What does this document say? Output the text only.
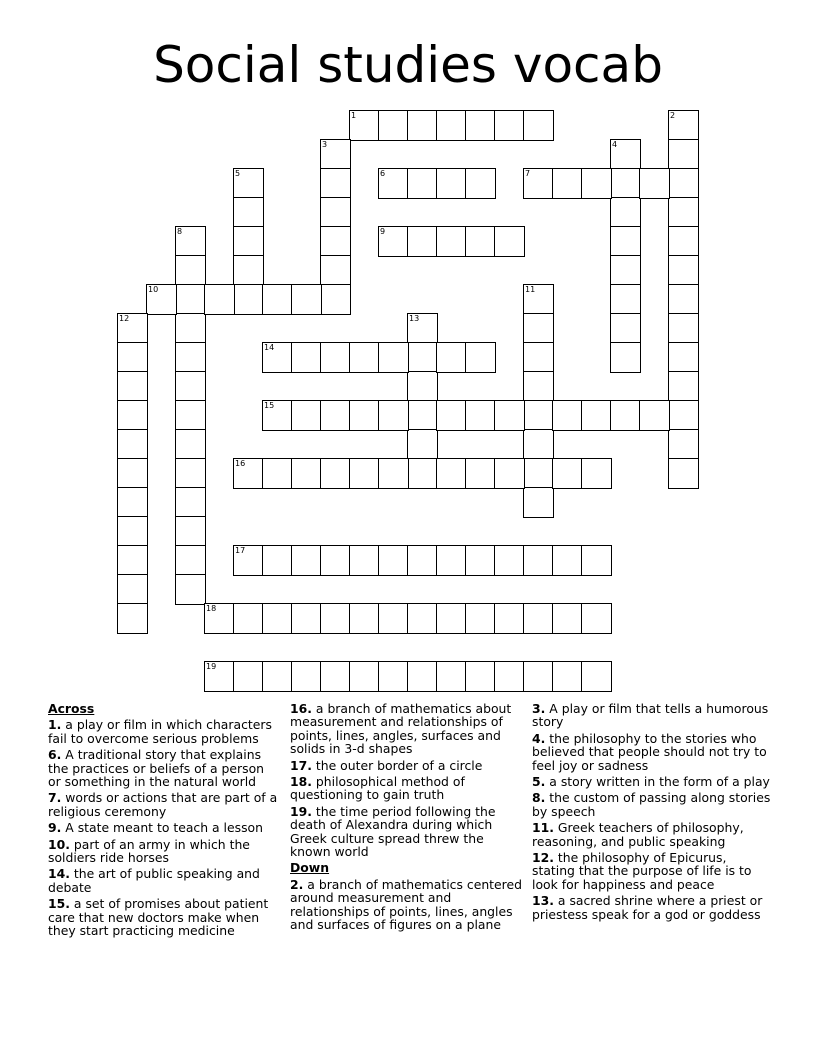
Social studies vocab
1	2
3	4
5	6	7
8	9
10	11
12	13
14
15
16
17
18
19
Across
1. a play or film in which characters fail to overcome serious problems
6. A traditional story that explains the practices or beliefs of a person or something in the natural world
7. words or actions that are part of a religious ceremony
9. A state meant to teach a lesson
10. part of an army in which the soldiers ride horses
14. the art of public speaking and debate
15. a set of promises about patient care that new doctors make when they start practicing medicine
16. a branch of mathematics about measurement and relationships of points, lines, angles, surfaces and solids in 3-d shapes
17. the outer border of a circle
18. philosophical method of questioning to gain truth
19. the time period following the death of Alexandra during which Greek culture spread threw the known world
Down
2. a branch of mathematics centered around measurement and relationships of points, lines, angles and surfaces of figures on a plane
3. A play or film that tells a humorous story
4. the philosophy to the stories who believed that people should not try to feel joy or sadness
5. a story written in the form of a play
8. the custom of passing along stories by speech
11. Greek teachers of philosophy, reasoning, and public speaking
12. the philosophy of Epicurus, stating that the purpose of life is to look for happiness and peace
13. a sacred shrine where a priest or priestess speak for a god or goddess
